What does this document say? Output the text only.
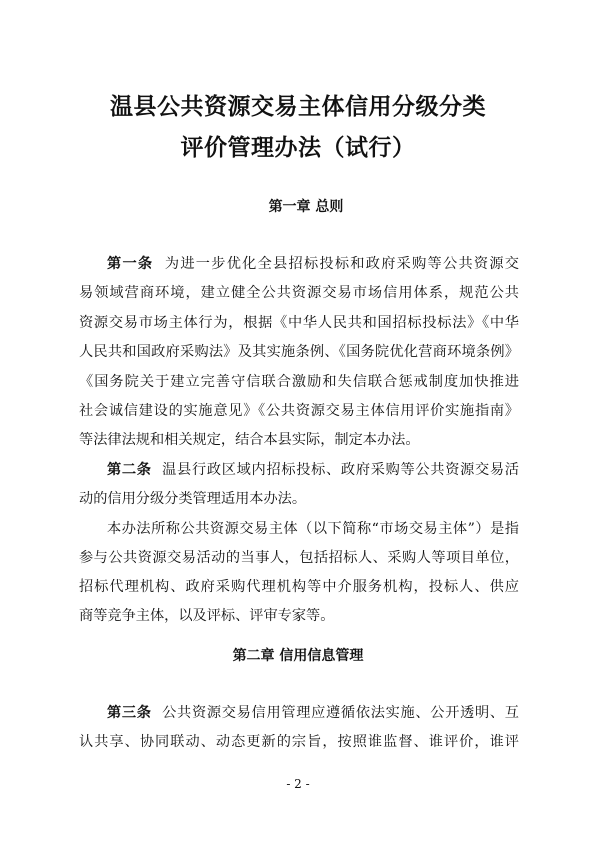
温县公共资源交易主体信用分级分类
评价管理办法（试行）
第一章 总则
第一条 为进一步优化全县招标投标和政府采购等公共资源交
易领域营商环境，建立健全公共资源交易市场信用体系，规范公共
资源交易市场主体行为，根据《中华人民共和国招标投标法》《中华
人民共和国政府采购法》及其实施条例、《国务院优化营商环境条例》
《国务院关于建立完善守信联合激励和失信联合惩戒制度加快推进
社会诚信建设的实施意见》《公共资源交易主体信用评价实施指南》
等法律法规和相关规定，结合本县实际，制定本办法。
第二条 温县行政区域内招标投标、政府采购等公共资源交易活
动的信用分级分类管理适用本办法。
本办法所称公共资源交易主体（以下简称“市场交易主体”）是指
参与公共资源交易活动的当事人，包括招标人、采购人等项目单位，
招标代理机构、政府采购代理机构等中介服务机构，投标人、供应
商等竞争主体，以及评标、评审专家等。
第二章 信用信息管理
第三条 公共资源交易信用管理应遵循依法实施、公开透明、互
认共享、协同联动、动态更新的宗旨，按照谁监督、谁评价，谁评
- 2 -
